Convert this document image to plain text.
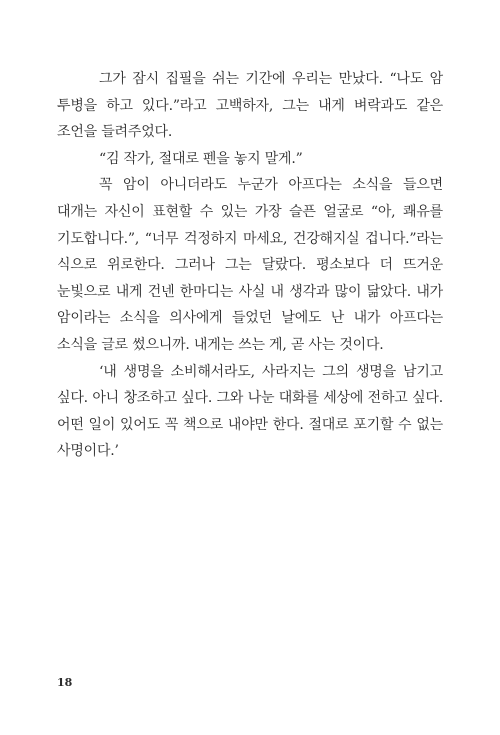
그가 잠시 집필을 쉬는 기간에 우리는 만났다. “나도 암 투병을 하고 있다.”라고 고백하자, 그는 내게 벼락과도 같은 조언을 들려주었다.

“김 작가, 절대로 펜을 놓지 말게.”

꼭 암이 아니더라도 누군가 아프다는 소식을 들으면 대개는 자신이 표현할 수 있는 가장 슬픈 얼굴로 “아, 쾌유를 기도합니다.”, “너무 걱정하지 마세요, 건강해지실 겁니다.”라는 식으로 위로한다. 그러나 그는 달랐다. 평소보다 더 뜨거운 눈빛으로 내게 건넨 한마디는 사실 내 생각과 많이 닮았다. 내가 암이라는 소식을 의사에게 들었던 날에도 난 내가 아프다는 소식을 글로 썼으니까. 내게는 쓰는 게, 곧 사는 것이다.

‘내 생명을 소비해서라도, 사라지는 그의 생명을 남기고 싶다. 아니 창조하고 싶다. 그와 나눈 대화를 세상에 전하고 싶다. 어떤 일이 있어도 꼭 책으로 내야만 한다. 절대로 포기할 수 없는 사명이다.’

18
